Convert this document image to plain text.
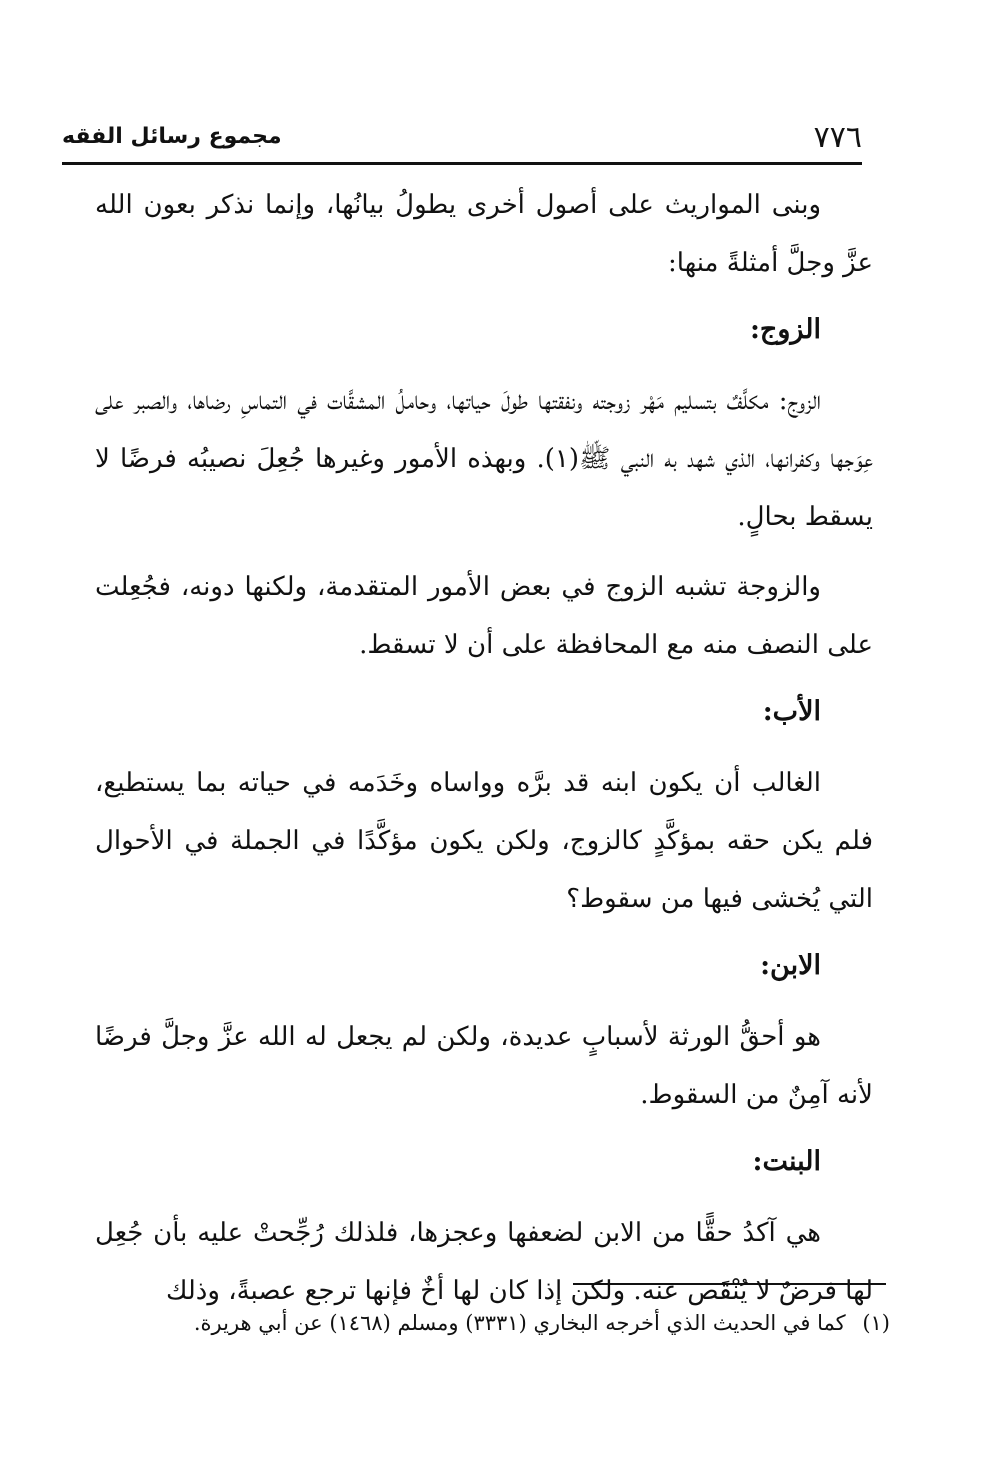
٧٧٦
مجموع رسائل الفقه

وبنى المواريث على أصول أخرى يطولُ بيانُها، وإنما نذكر بعون الله عزَّ وجلَّ أمثلةً منها:

الزوج:

الزوج: مكلَّفٌ بتسليم مَهْر زوجته ونفقتها طولَ حياتها، وحاملُ المشقَّات في التماسِ رضاها، والصبر على عِوَجها وكفرانها، الذي شهد به النبي ﷺ(١). وبهذه الأمور وغيرها جُعِلَ نصيبُه فرضًا لا يسقط بحالٍ.

والزوجة تشبه الزوج في بعض الأمور المتقدمة، ولكنها دونه، فجُعِلت على النصف منه مع المحافظة على أن لا تسقط.

الأب:

الغالب أن يكون ابنه قد برَّه وواساه وخَدَمه في حياته بما يستطيع، فلم يكن حقه بمؤكَّدٍ كالزوج، ولكن يكون مؤكَّدًا في الجملة في الأحوال التي يُخشى فيها من سقوط؟

الابن:

هو أحقُّ الورثة لأسبابٍ عديدة، ولكن لم يجعل له الله عزَّ وجلَّ فرضًا لأنه آمِنٌ من السقوط.

البنت:

هي آكدُ حقًّا من الابن لضعفها وعجزها، فلذلك رُجِّحتْ عليه بأن جُعِل لها فرضٌ لا يُنْقَص عنه. ولكن إذا كان لها أخٌ فإنها ترجع عصبةً، وذلك

(١) كما في الحديث الذي أخرجه البخاري (٣٣٣١) ومسلم (١٤٦٨) عن أبي هريرة.
